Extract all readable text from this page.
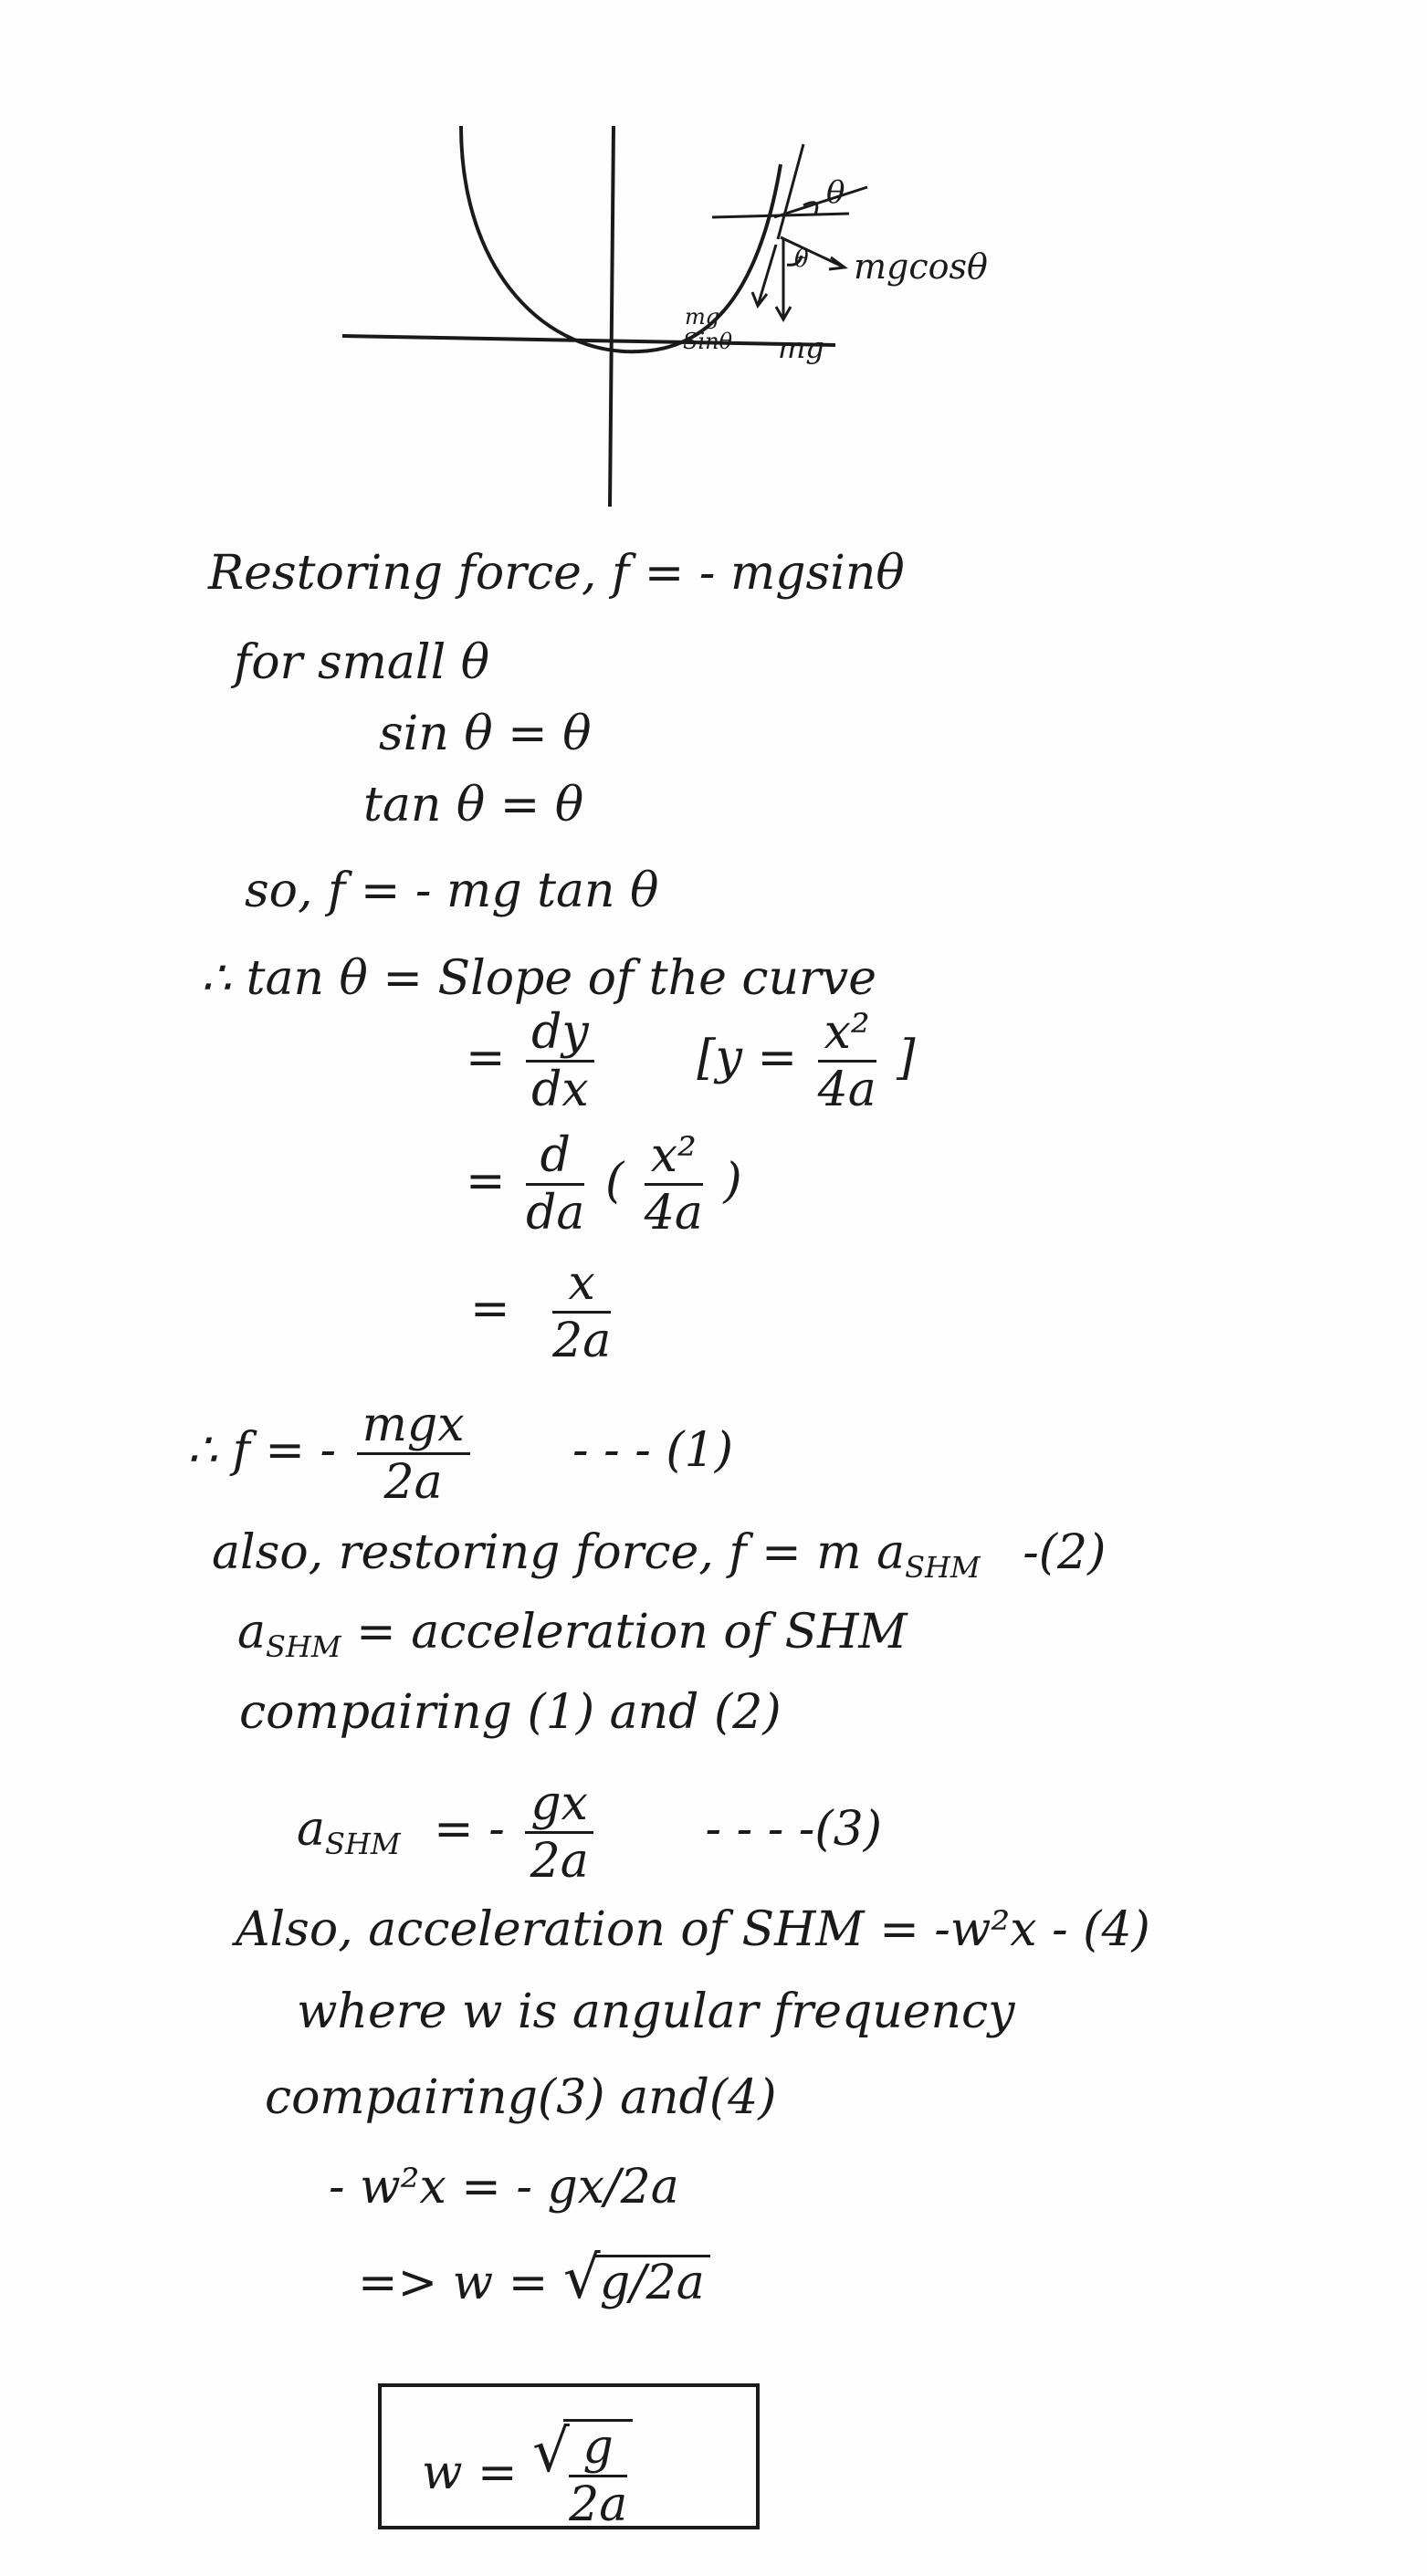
θ
θ mgcosθ
mg
Sinθ mg
Restoring force, f = - mgsinθ
for small θ
sin θ = θ
tan θ = θ
so, f = - mg tan θ
∴ tan θ = Slope of the curve
= $\frac{dy}{dx} [y = \frac{\text{x²}}{4a}$ ]
= $\frac{d}{da}$ ( $\frac{\text{x²}}{4a}$ )
= $\frac{x}{2a}$
∴ f = - $\frac{\text{mgx}}{2a}$ - - - (1)
also, restoring force, f = m $a_{SHM}$ -(2)
$a_{SHM}$ = acceleration of SHM
compairing (1) and (2)
$a_{SHM}$ = - $\frac{gx}{2a}$ - - - -(3)
Also, acceleration of SHM = -w²x - (4)
where w is angular frequency
compairing(3) and(4)
- w²x = - gx/2a
=> w = √ g/2a
w = √ $\frac{g}{2a}$
